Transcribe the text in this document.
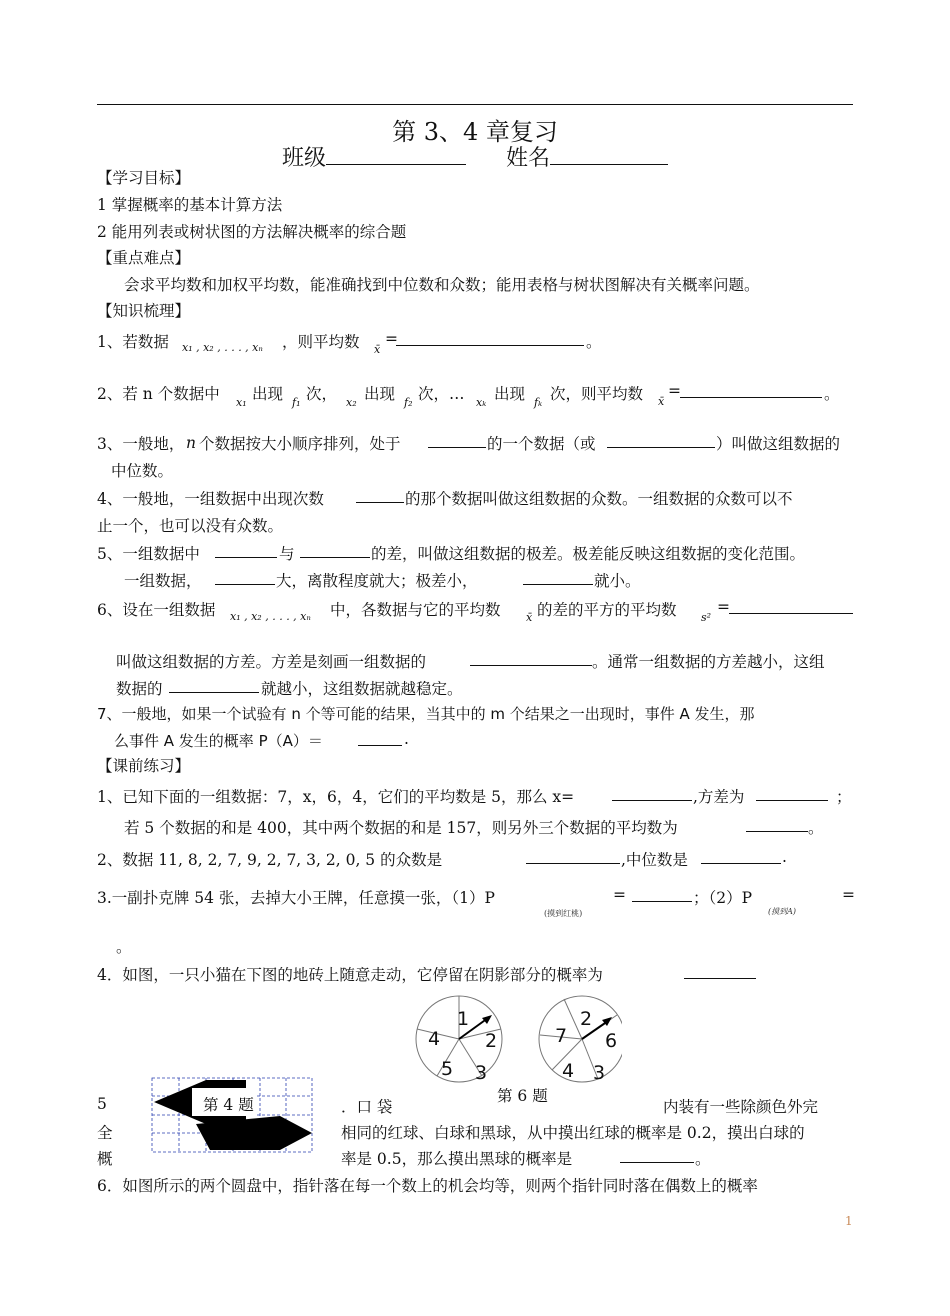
第 3、4 章复习
班级	姓名
【学习目标】
1 掌握概率的基本计算方法
2 能用列表或树状图的方法解决概率的综合题
【重点难点】
会求平均数和加权平均数，能准确找到中位数和众数；能用表格与树状图解决有关概率问题。
【知识梳理】
1、若数据 x₁ , x₂ , . . . , xₙ ，则平均数 x̄
=	。
2、若 n 个数据中 x₁ 出现 f₁ 次， x₂ 出现 f₂ 次，… xₖ 出现 fₖ 次，则平均数 x̄
=	。
3、一般地， n 个数据按大小顺序排列，处于	的一个数据（或	）叫做这组数据的
中位数。
4、一般地，一组数据中出现次数	的那个数据叫做这组数据的众数。一组数据的众数可以不
止一个，也可以没有众数。
5、一组数据中	与	的差，叫做这组数据的极差。极差能反映这组数据的变化范围。
一组数据，	大，离散程度就大；极差小，	就小。
6、设在一组数据 x₁ , x₂ , . . . , xₙ 中，各数据与它的平均数 x̄ 的差的平方的平均数 s²
=
叫做这组数据的方差。方差是刻画一组数据的	。通常一组数据的方差越小，这组
数据的	就越小，这组数据就越稳定。
7、一般地，如果一个试验有 n 个等可能的结果，当其中的 m 个结果之一出现时，事件 A 发生，那
么事件 A 发生的概率 P（A）＝	.
【课前练习】
1、已知下面的一组数据：7，x，6，4，它们的平均数是 5，那么 x=	,方差为	；
若 5 个数据的和是 400，其中两个数据的和是 157，则另外三个数据的平均数为	。
2、数据 11, 8, 2, 7, 9, 2, 7, 3, 2, 0, 5 的众数是	,中位数是	.
3.一副扑克牌 54 张，去掉大小王牌，任意摸一张，（1）P
(摸到红桃)
=	；（2）P
(摸到A)
=
。
4．如图，一只小猫在下图的地砖上随意走动，它停留在阴影部分的概率为
1
2
3
5
4
2
6
3
4
7
第 6 题
第 4 题
5	．口 袋	内装有一些除颜色外完
全	相同的红球、白球和黑球，从中摸出红球的概率是 0.2，摸出白球的
概	率是 0.5，那么摸出黑球的概率是	。
6．如图所示的两个圆盘中，指针落在每一个数上的机会均等，则两个指针同时落在偶数上的概率
1
